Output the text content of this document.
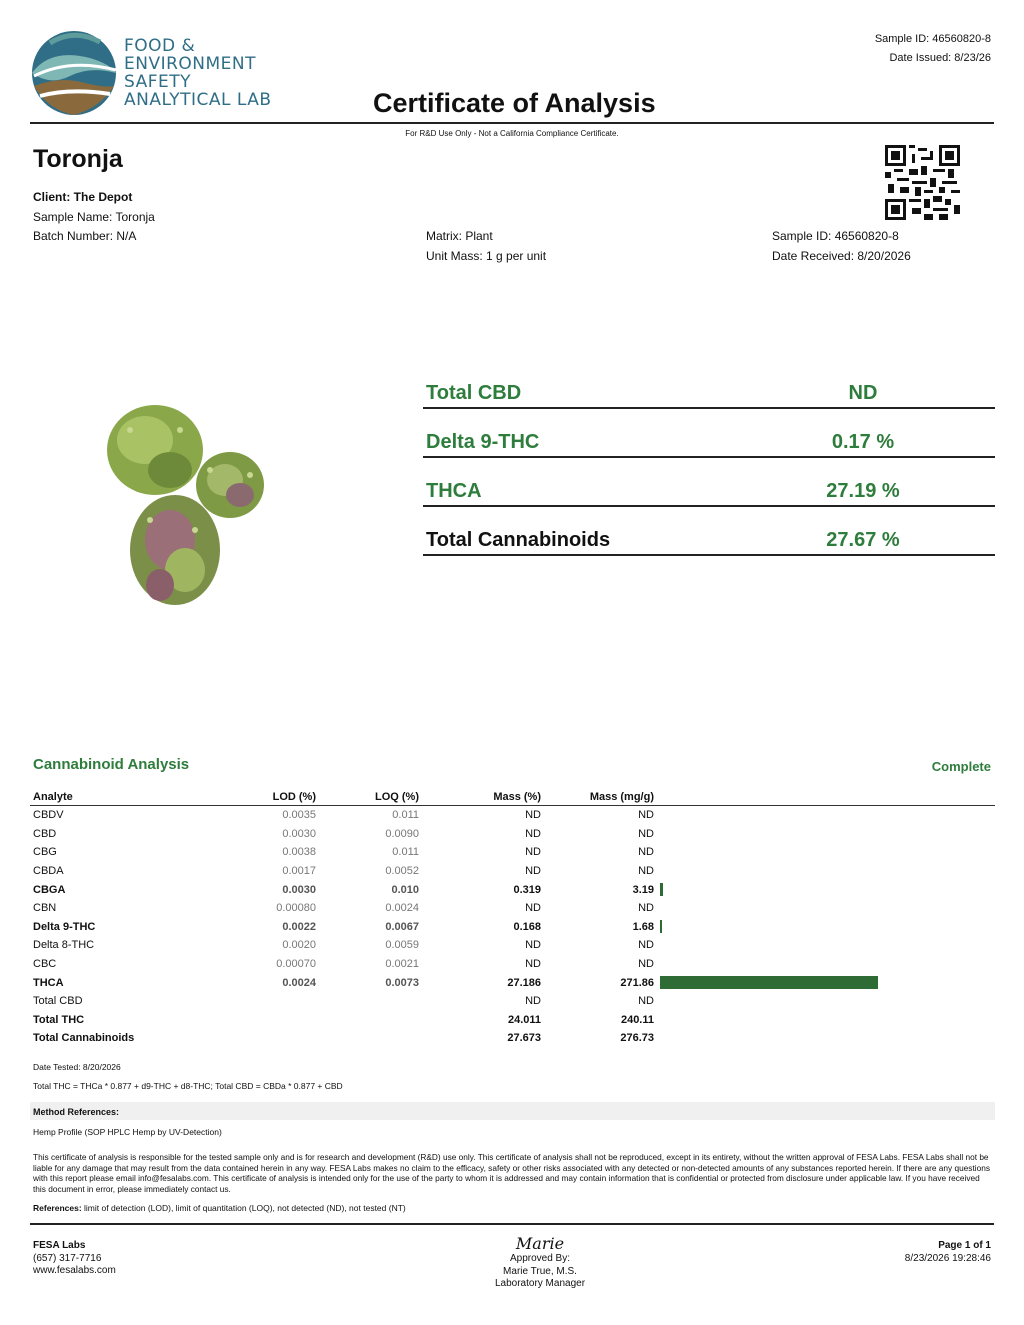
FOOD &
ENVIRONMENT
SAFETY
ANALYTICAL LAB
Sample ID: 46560820-8
Date Issued: 8/23/26
Certificate of Analysis
For R&D Use Only - Not a California Compliance Certificate.
Toronja
Client: The Depot
Sample Name: Toronja
Batch Number: N/A	Matrix: Plant
Unit Mass: 1 g per unit
Sample ID: 46560820-8
Date Received: 8/20/2026
Total CBD	ND
Delta 9-THC	0.17 %
THCA	27.19 %
Total Cannabinoids	27.67 %
Cannabinoid Analysis	Complete
Analyte	LOD (%)	LOQ (%)	Mass (%)	Mass (mg/g)	
CBDV	0.0035	0.011	ND	ND	
CBD	0.0030	0.0090	ND	ND	
CBG	0.0038	0.011	ND	ND	
CBDA	0.0017	0.0052	ND	ND	
CBGA	0.0030	0.010	0.319	3.19	
CBN	0.00080	0.0024	ND	ND	
Delta 9-THC	0.0022	0.0067	0.168	1.68	
Delta 8-THC	0.0020	0.0059	ND	ND	
CBC	0.00070	0.0021	ND	ND	
THCA	0.0024	0.0073	27.186	271.86	
Total CBD			ND	ND	
Total THC			24.011	240.11	
Total Cannabinoids			27.673	276.73	
Date Tested: 8/20/2026
Total THC = THCa * 0.877 + d9-THC + d8-THC; Total CBD = CBDa * 0.877 + CBD
Method References:
Hemp Profile (SOP HPLC Hemp by UV-Detection)
This certificate of analysis is responsible for the tested sample only and is for research and development (R&D) use only. This certificate of analysis shall not be reproduced, except in its entirety, without the written approval of FESA Labs. FESA Labs shall not be liable for any damage that may result from the data contained herein in any way. FESA Labs makes no claim to the efficacy, safety or other risks associated with any detected or non-detected amounts of any substances reported herein. If there are any questions with this report please email info@fesalabs.com. This certificate of analysis is intended only for the use of the party to whom it is addressed and may contain information that is confidential or protected from disclosure under applicable law. If you have received this document in error, please immediately contact us.
References: limit of detection (LOD), limit of quantitation (LOQ), not detected (ND), not tested (NT)
FESA Labs
(657) 317-7716
www.fesalabs.com
Marie
Approved By:
Marie True, M.S.
Laboratory Manager
Page 1 of 1
8/23/2026 19:28:46
